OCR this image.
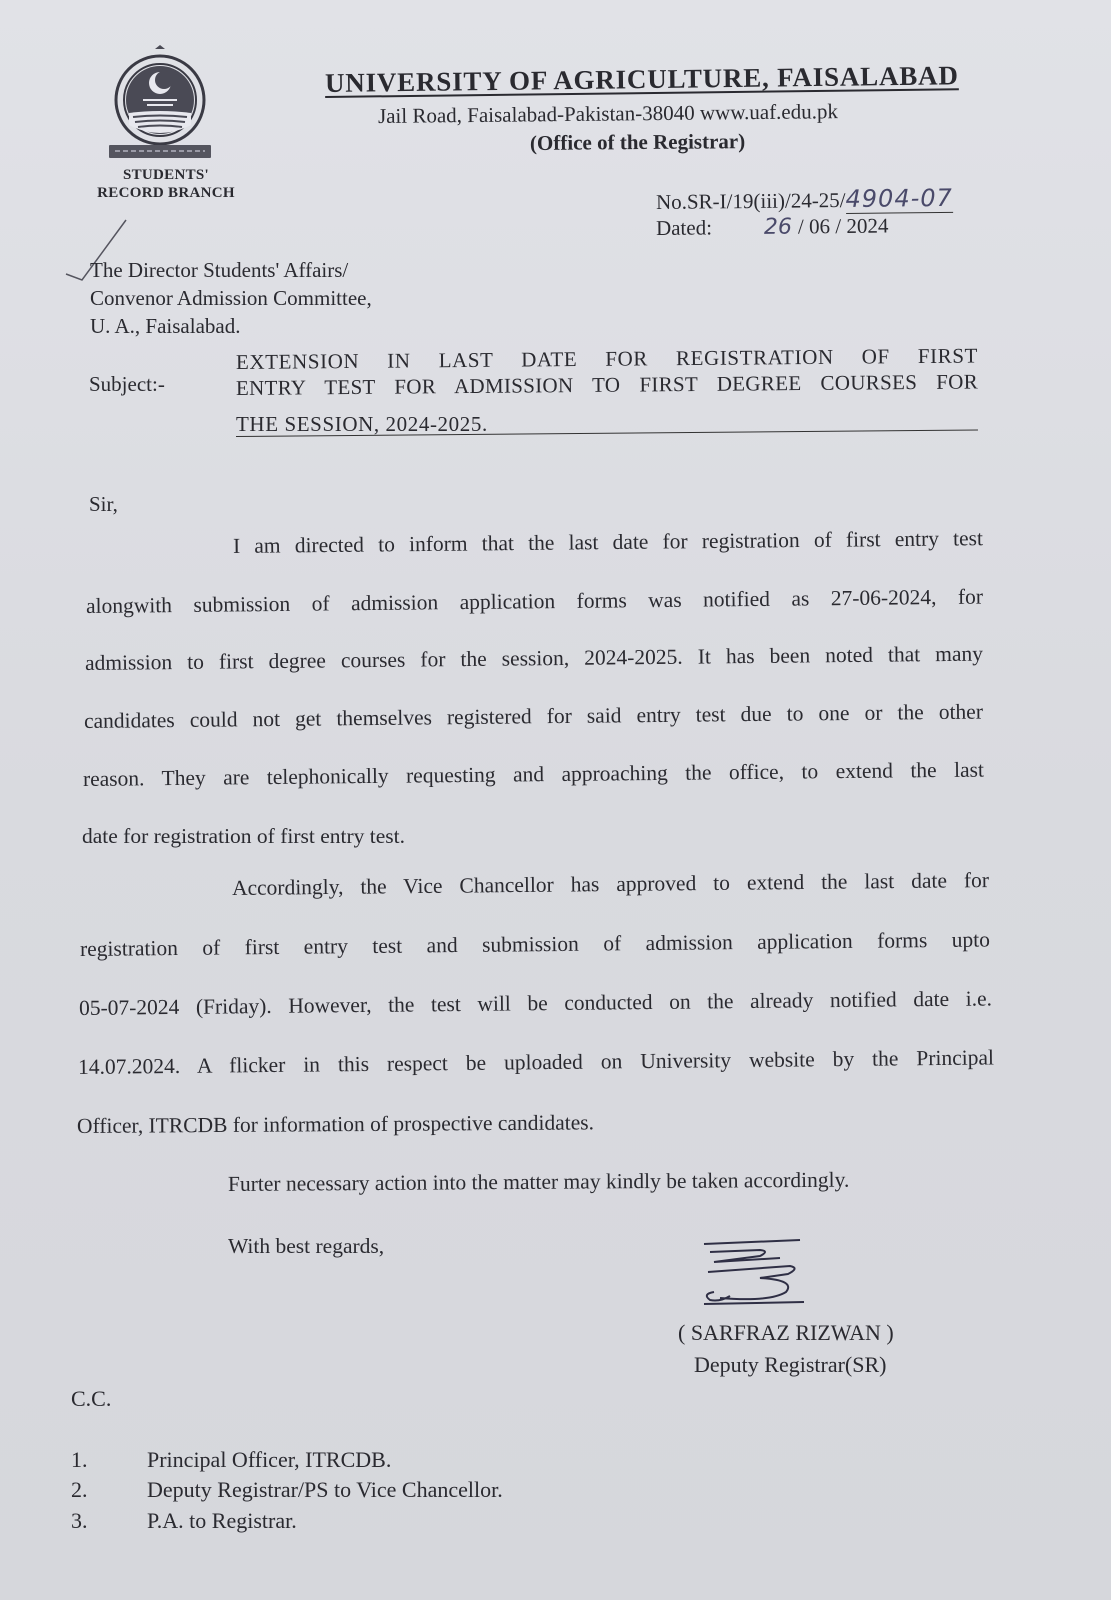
STUDENTS'
RECORD BRANCH
UNIVERSITY OF AGRICULTURE, FAISALABAD
Jail Road, Faisalabad-Pakistan-38040 www.uaf.edu.pk
(Office of the Registrar)
No.SR-I/19(iii)/24-25/4904-07
Dated: 26 / 06 / 2024
The Director Students' Affairs/
Convenor Admission Committee,
U. A., Faisalabad.
Subject:-
EXTENSION IN LAST DATE FOR REGISTRATION OF FIRST
ENTRY TEST FOR ADMISSION TO FIRST DEGREE COURSES FOR
THE SESSION, 2024-2025.
Sir,
I am directed to inform that the last date for registration of first entry test
alongwith submission of admission application forms was notified as 27-06-2024, for
admission to first degree courses for the session, 2024-2025. It has been noted that many
candidates could not get themselves registered for said entry test due to one or the other
reason. They are telephonically requesting and approaching the office, to extend the last
date for registration of first entry test.
Accordingly, the Vice Chancellor has approved to extend the last date for
registration of first entry test and submission of admission application forms upto
05-07-2024 (Friday). However, the test will be conducted on the already notified date i.e.
14.07.2024. A flicker in this respect be uploaded on University website by the Principal
Officer, ITRCDB for information of prospective candidates.
Furter necessary action into the matter may kindly be taken accordingly.
With best regards,
( SARFRAZ RIZWAN )
Deputy Registrar(SR)
C.C.
1.	Principal Officer, ITRCDB.
2.	Deputy Registrar/PS to Vice Chancellor.
3.	P.A. to Registrar.
